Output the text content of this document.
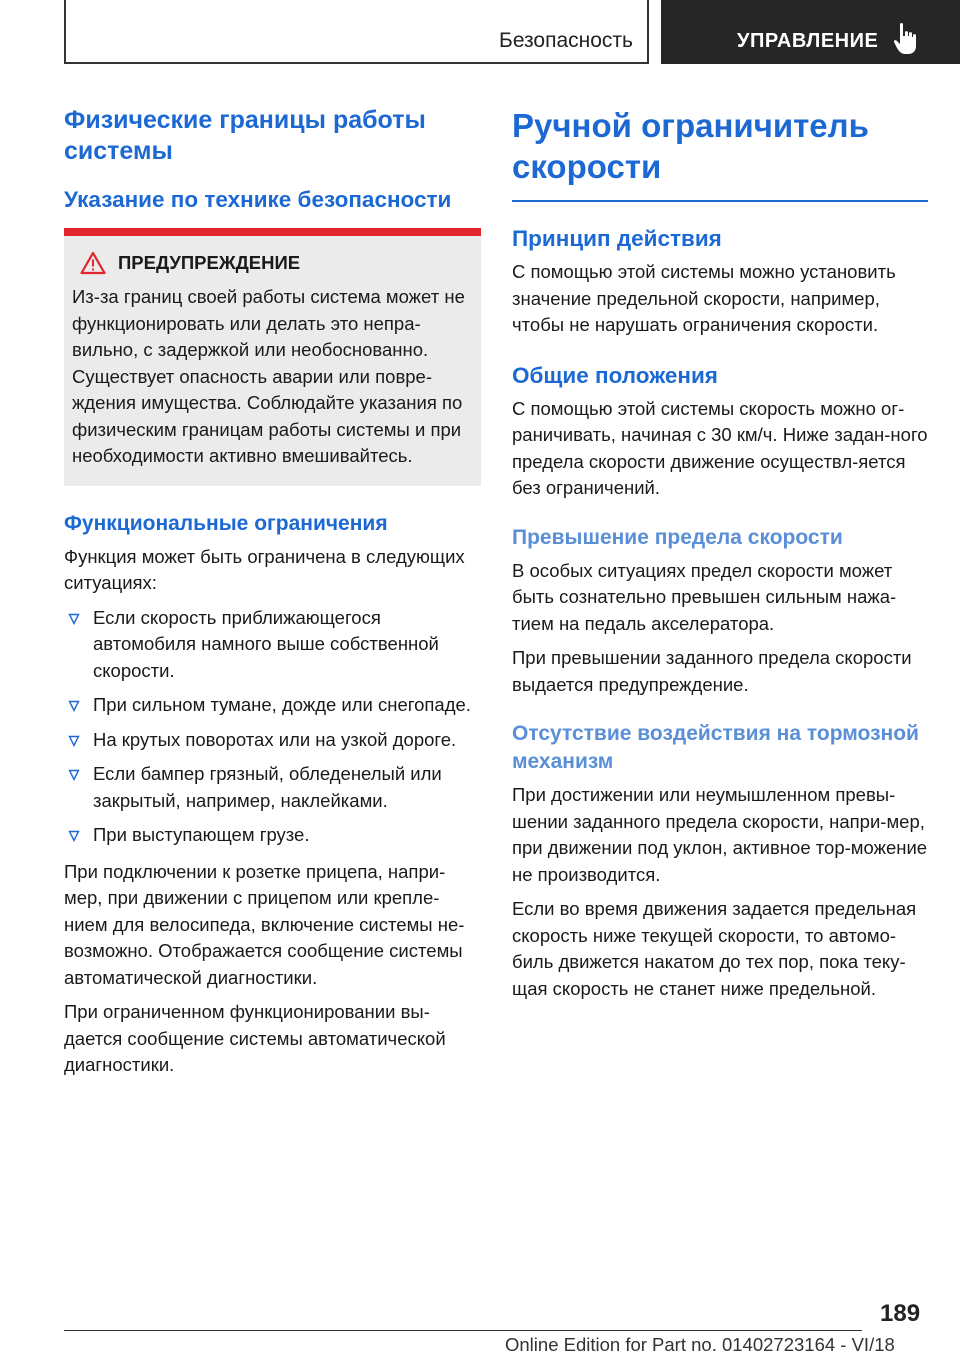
Безопасность	УПРАВЛЕНИЕ
Физические границы работы системы
Указание по технике безопасности
ПРЕДУПРЕЖДЕНИЕ

Из-за границ своей работы система может не функционировать или делать это непра-вильно, с задержкой или необоснованно. Существует опасность аварии или повре-ждения имущества. Соблюдайте указания по физическим границам работы системы и при необходимости активно вмешивайтесь.

Функциональные ограничения

Функция может быть ограничена в следующих ситуациях:

Если скорость приближающегося автомобиля намного выше собственной скорости.
При сильном тумане, дожде или снегопаде.
На крутых поворотах или на узкой дороге.
Если бампер грязный, обледенелый или закрытый, например, наклейками.
При выступающем грузе.

При подключении к розетке прицепа, напри-мер, при движении с прицепом или крепле-нием для велосипеда, включение системы не-возможно. Отображается сообщение системы автоматической диагностики.

При ограниченном функционировании вы-дается сообщение системы автоматической диагностики.

Ручной ограничитель скорости
Принцип действия

С помощью этой системы можно установить значение предельной скорости, например, чтобы не нарушать ограничения скорости.

Общие положения

С помощью этой системы скорость можно ог-раничивать, начиная с 30 км/ч. Ниже задан-ного предела скорости движение осуществл-яется без ограничений.

Превышение предела скорости

В особых ситуациях предел скорости может быть сознательно превышен сильным нажа-тием на педаль акселератора.

При превышении заданного предела скорости выдается предупреждение.

Отсутствие воздействия на тормозной механизм

При достижении или неумышленном превы-шении заданного предела скорости, напри-мер, при движении под уклон, активное тор-можение не производится.

Если во время движения задается предельная скорость ниже текущей скорости, то автомо-биль движется накатом до тех пор, пока теку-щая скорость не станет ниже предельной.

189
Online Edition for Part no. 01402723164 - VI/18
